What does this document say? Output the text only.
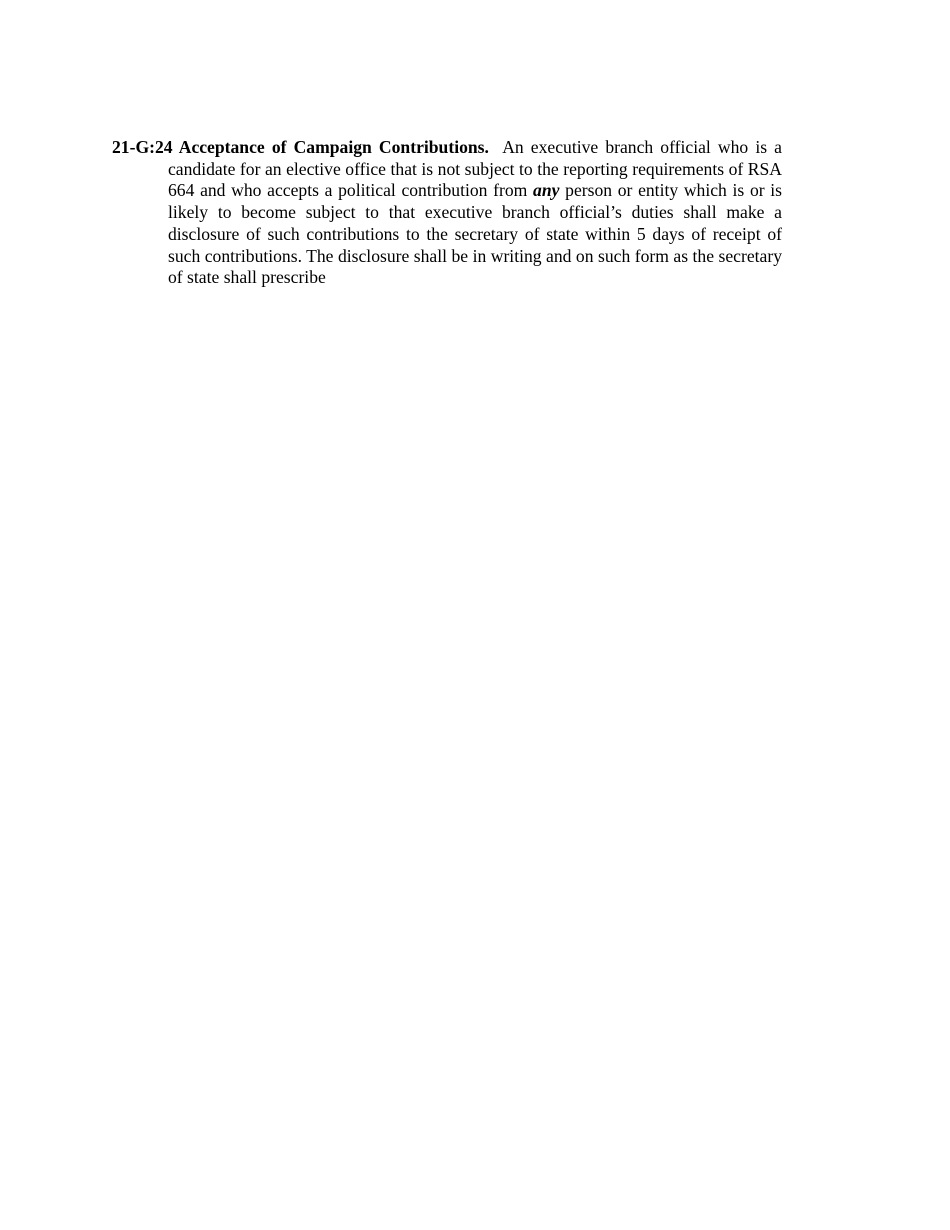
21-G:24 Acceptance of Campaign Contributions. An executive branch official who is a candidate for an elective office that is not subject to the reporting requirements of RSA 664 and who accepts a political contribution from any person or entity which is or is likely to become subject to that executive branch official’s duties shall make a disclosure of such contributions to the secretary of state within 5 days of receipt of such contributions. The disclosure shall be in writing and on such form as the secretary of state shall prescribe
